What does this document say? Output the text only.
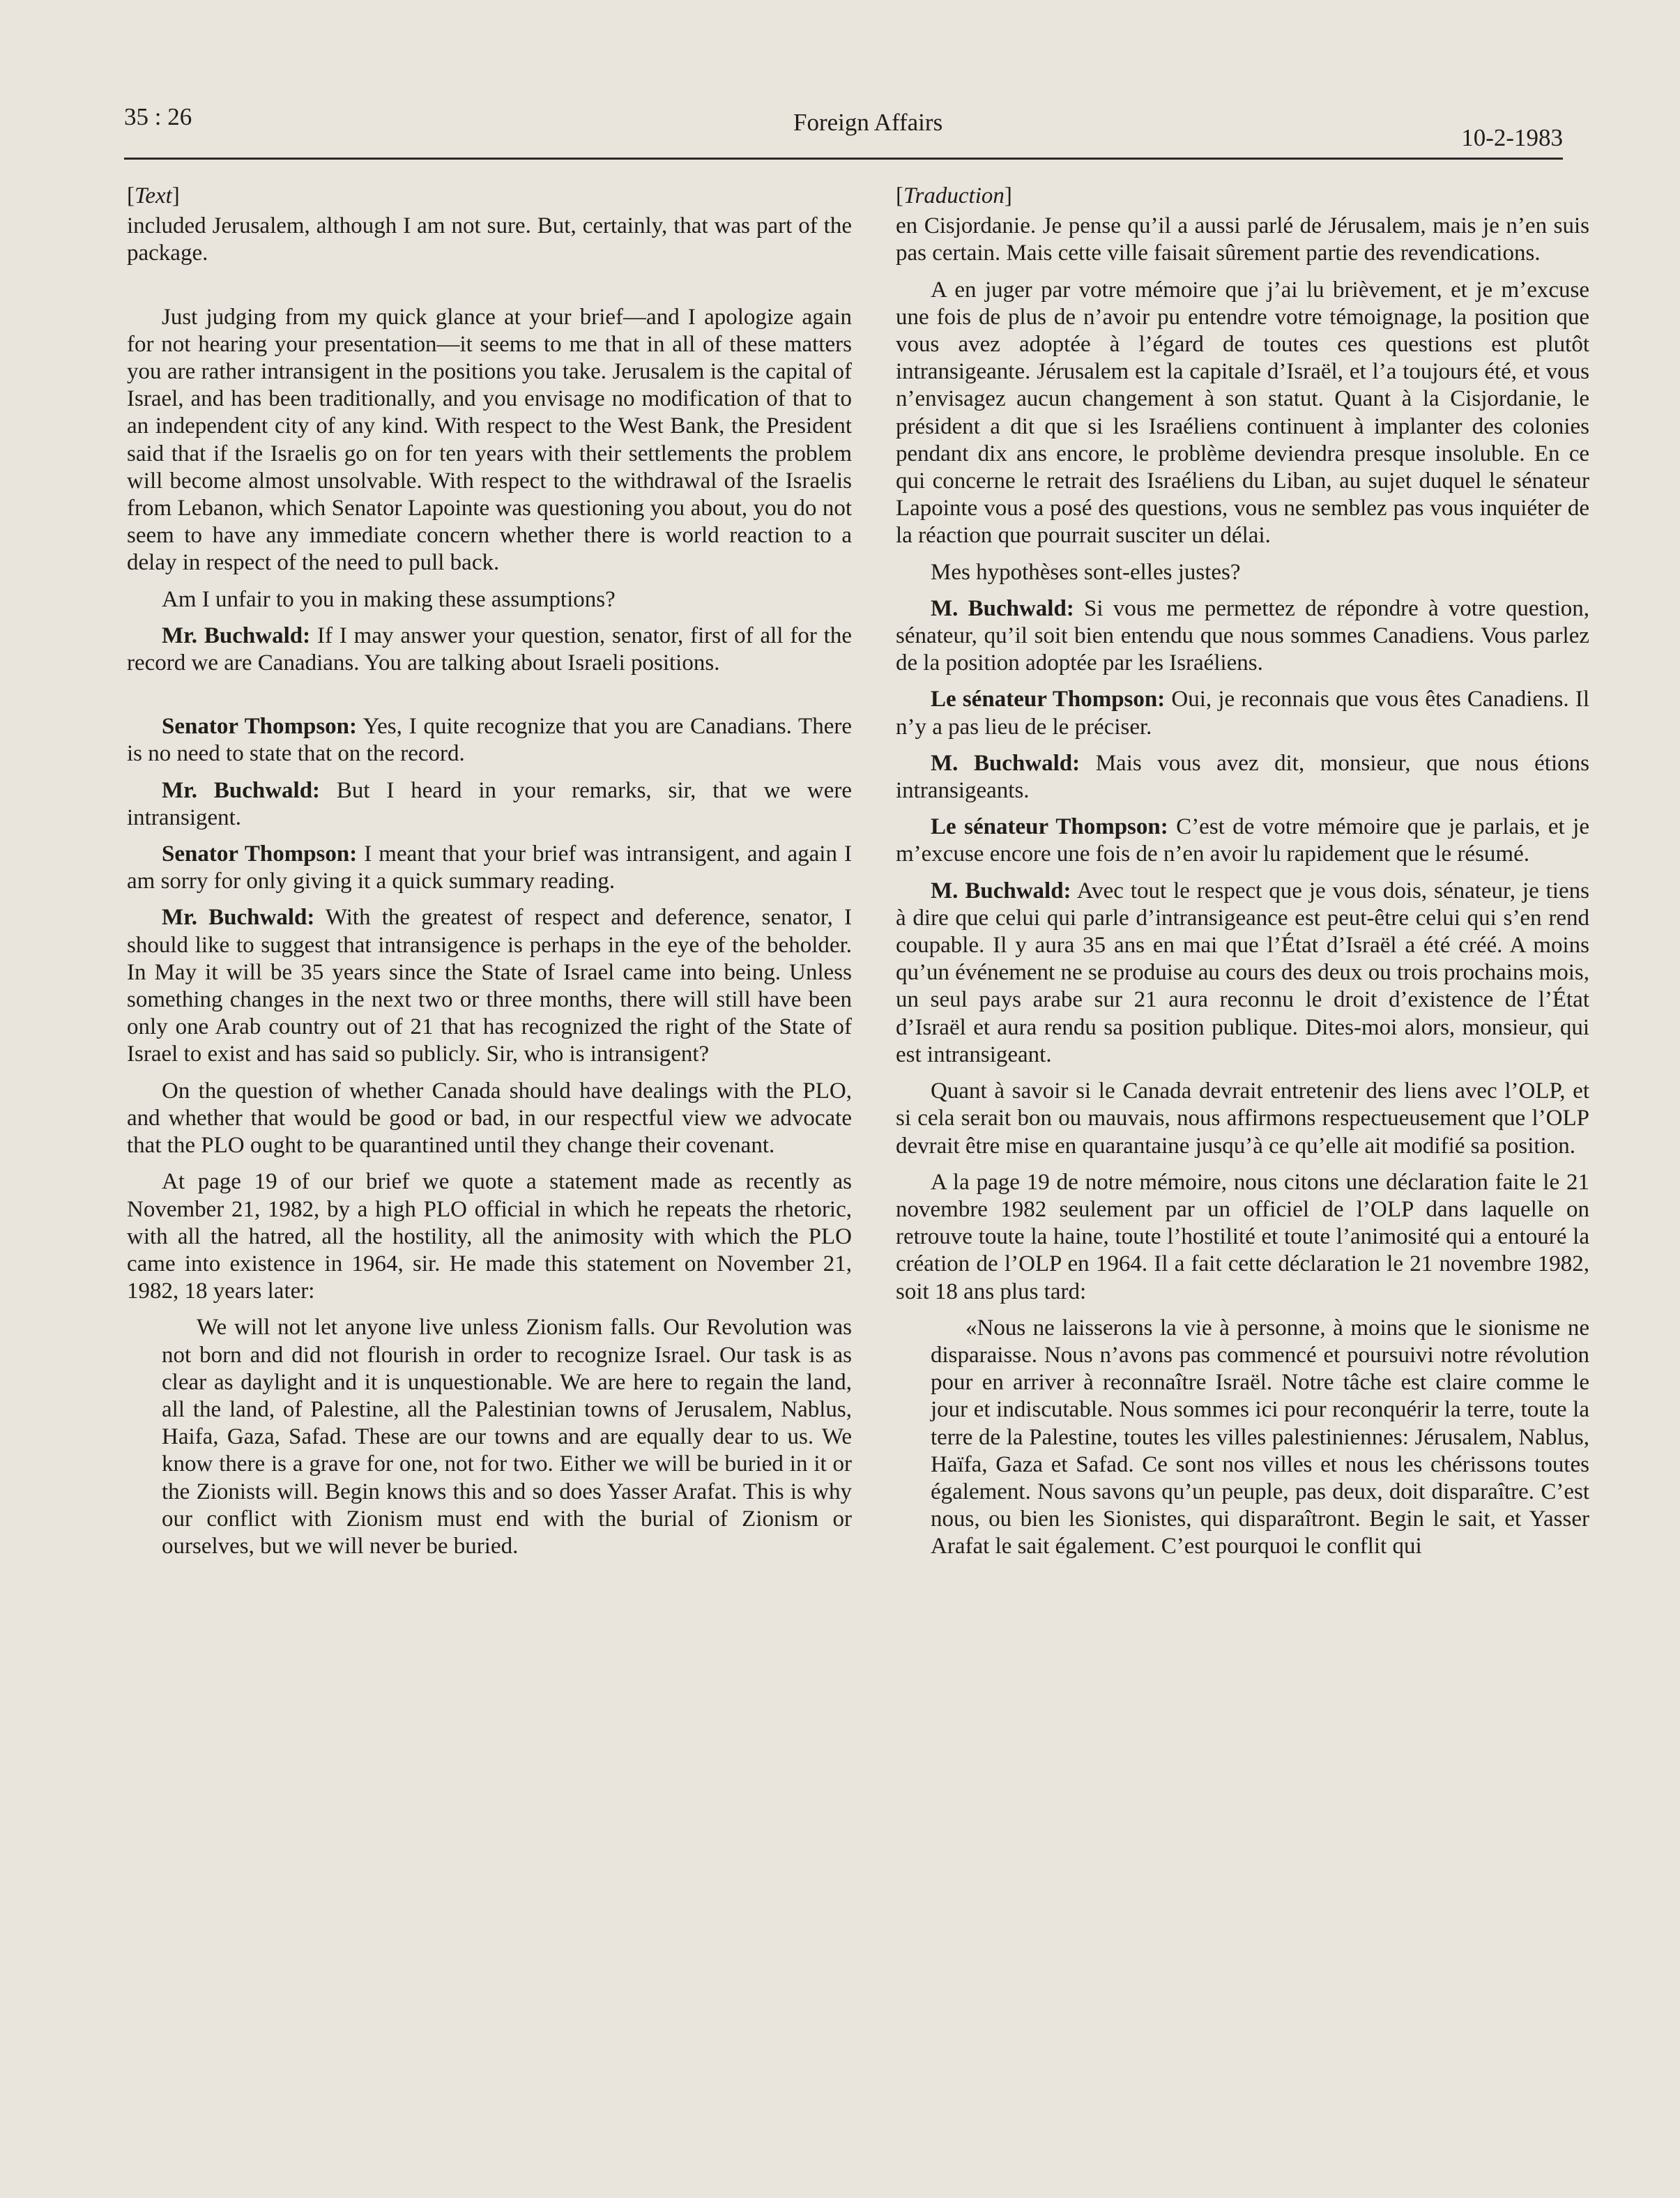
35 : 26	Foreign Affairs
10-2-1983
[Text]

included Jerusalem, although I am not sure. But, certainly, that was part of the package.

Just judging from my quick glance at your brief—and I apologize again for not hearing your presentation—it seems to me that in all of these matters you are rather intransigent in the positions you take. Jerusalem is the capital of Israel, and has been traditionally, and you envisage no modification of that to an independent city of any kind. With respect to the West Bank, the President said that if the Israelis go on for ten years with their settlements the problem will become almost unsolvable. With respect to the withdrawal of the Israelis from Lebanon, which Senator Lapointe was questioning you about, you do not seem to have any immediate concern whether there is world reaction to a delay in respect of the need to pull back.

Am I unfair to you in making these assumptions?

Mr. Buchwald: If I may answer your question, senator, first of all for the record we are Canadians. You are talking about Israeli positions.

Senator Thompson: Yes, I quite recognize that you are Canadians. There is no need to state that on the record.

Mr. Buchwald: But I heard in your remarks, sir, that we were intransigent.

Senator Thompson: I meant that your brief was intransigent, and again I am sorry for only giving it a quick summary reading.

Mr. Buchwald: With the greatest of respect and deference, senator, I should like to suggest that intransigence is perhaps in the eye of the beholder. In May it will be 35 years since the State of Israel came into being. Unless something changes in the next two or three months, there will still have been only one Arab country out of 21 that has recognized the right of the State of Israel to exist and has said so publicly. Sir, who is intransigent?

On the question of whether Canada should have dealings with the PLO, and whether that would be good or bad, in our respectful view we advocate that the PLO ought to be quarantined until they change their covenant.

At page 19 of our brief we quote a statement made as recently as November 21, 1982, by a high PLO official in which he repeats the rhetoric, with all the hatred, all the hostility, all the animosity with which the PLO came into existence in 1964, sir. He made this statement on November 21, 1982, 18 years later:

We will not let anyone live unless Zionism falls. Our Revolution was not born and did not flourish in order to recognize Israel. Our task is as clear as daylight and it is unquestionable. We are here to regain the land, all the land, of Palestine, all the Palestinian towns of Jerusalem, Nablus, Haifa, Gaza, Safad. These are our towns and are equally dear to us. We know there is a grave for one, not for two. Either we will be buried in it or the Zionists will. Begin knows this and so does Yasser Arafat. This is why our conflict with Zionism must end with the burial of Zionism or ourselves, but we will never be buried.
[Traduction]

en Cisjordanie. Je pense qu’il a aussi parlé de Jérusalem, mais je n’en suis pas certain. Mais cette ville faisait sûrement partie des revendications.

A en juger par votre mémoire que j’ai lu brièvement, et je m’excuse une fois de plus de n’avoir pu entendre votre témoignage, la position que vous avez adoptée à l’égard de toutes ces questions est plutôt intransigeante. Jérusalem est la capitale d’Israël, et l’a toujours été, et vous n’envisagez aucun changement à son statut. Quant à la Cisjordanie, le président a dit que si les Israéliens continuent à implanter des colonies pendant dix ans encore, le problème deviendra presque insoluble. En ce qui concerne le retrait des Israéliens du Liban, au sujet duquel le sénateur Lapointe vous a posé des questions, vous ne semblez pas vous inquiéter de la réaction que pourrait susciter un délai.

Mes hypothèses sont-elles justes?

M. Buchwald: Si vous me permettez de répondre à votre question, sénateur, qu’il soit bien entendu que nous sommes Canadiens. Vous parlez de la position adoptée par les Israéliens.

Le sénateur Thompson: Oui, je reconnais que vous êtes Canadiens. Il n’y a pas lieu de le préciser.

M. Buchwald: Mais vous avez dit, monsieur, que nous étions intransigeants.

Le sénateur Thompson: C’est de votre mémoire que je parlais, et je m’excuse encore une fois de n’en avoir lu rapidement que le résumé.

M. Buchwald: Avec tout le respect que je vous dois, sénateur, je tiens à dire que celui qui parle d’intransigeance est peut-être celui qui s’en rend coupable. Il y aura 35 ans en mai que l’État d’Israël a été créé. A moins qu’un événement ne se produise au cours des deux ou trois prochains mois, un seul pays arabe sur 21 aura reconnu le droit d’existence de l’État d’Israël et aura rendu sa position publique. Dites-moi alors, monsieur, qui est intransigeant.

Quant à savoir si le Canada devrait entretenir des liens avec l’OLP, et si cela serait bon ou mauvais, nous affirmons respectueusement que l’OLP devrait être mise en quarantaine jusqu’à ce qu’elle ait modifié sa position.

A la page 19 de notre mémoire, nous citons une déclaration faite le 21 novembre 1982 seulement par un officiel de l’OLP dans laquelle on retrouve toute la haine, toute l’hostilité et toute l’animosité qui a entouré la création de l’OLP en 1964. Il a fait cette déclaration le 21 novembre 1982, soit 18 ans plus tard:

«Nous ne laisserons la vie à personne, à moins que le sionisme ne disparaisse. Nous n’avons pas commencé et poursuivi notre révolution pour en arriver à reconnaître Israël. Notre tâche est claire comme le jour et indiscutable. Nous sommes ici pour reconquérir la terre, toute la terre de la Palestine, toutes les villes palestiniennes: Jérusalem, Nablus, Haïfa, Gaza et Safad. Ce sont nos villes et nous les chérissons toutes également. Nous savons qu’un peuple, pas deux, doit disparaître. C’est nous, ou bien les Sionistes, qui disparaîtront. Begin le sait, et Yasser Arafat le sait également. C’est pourquoi le conflit qui
